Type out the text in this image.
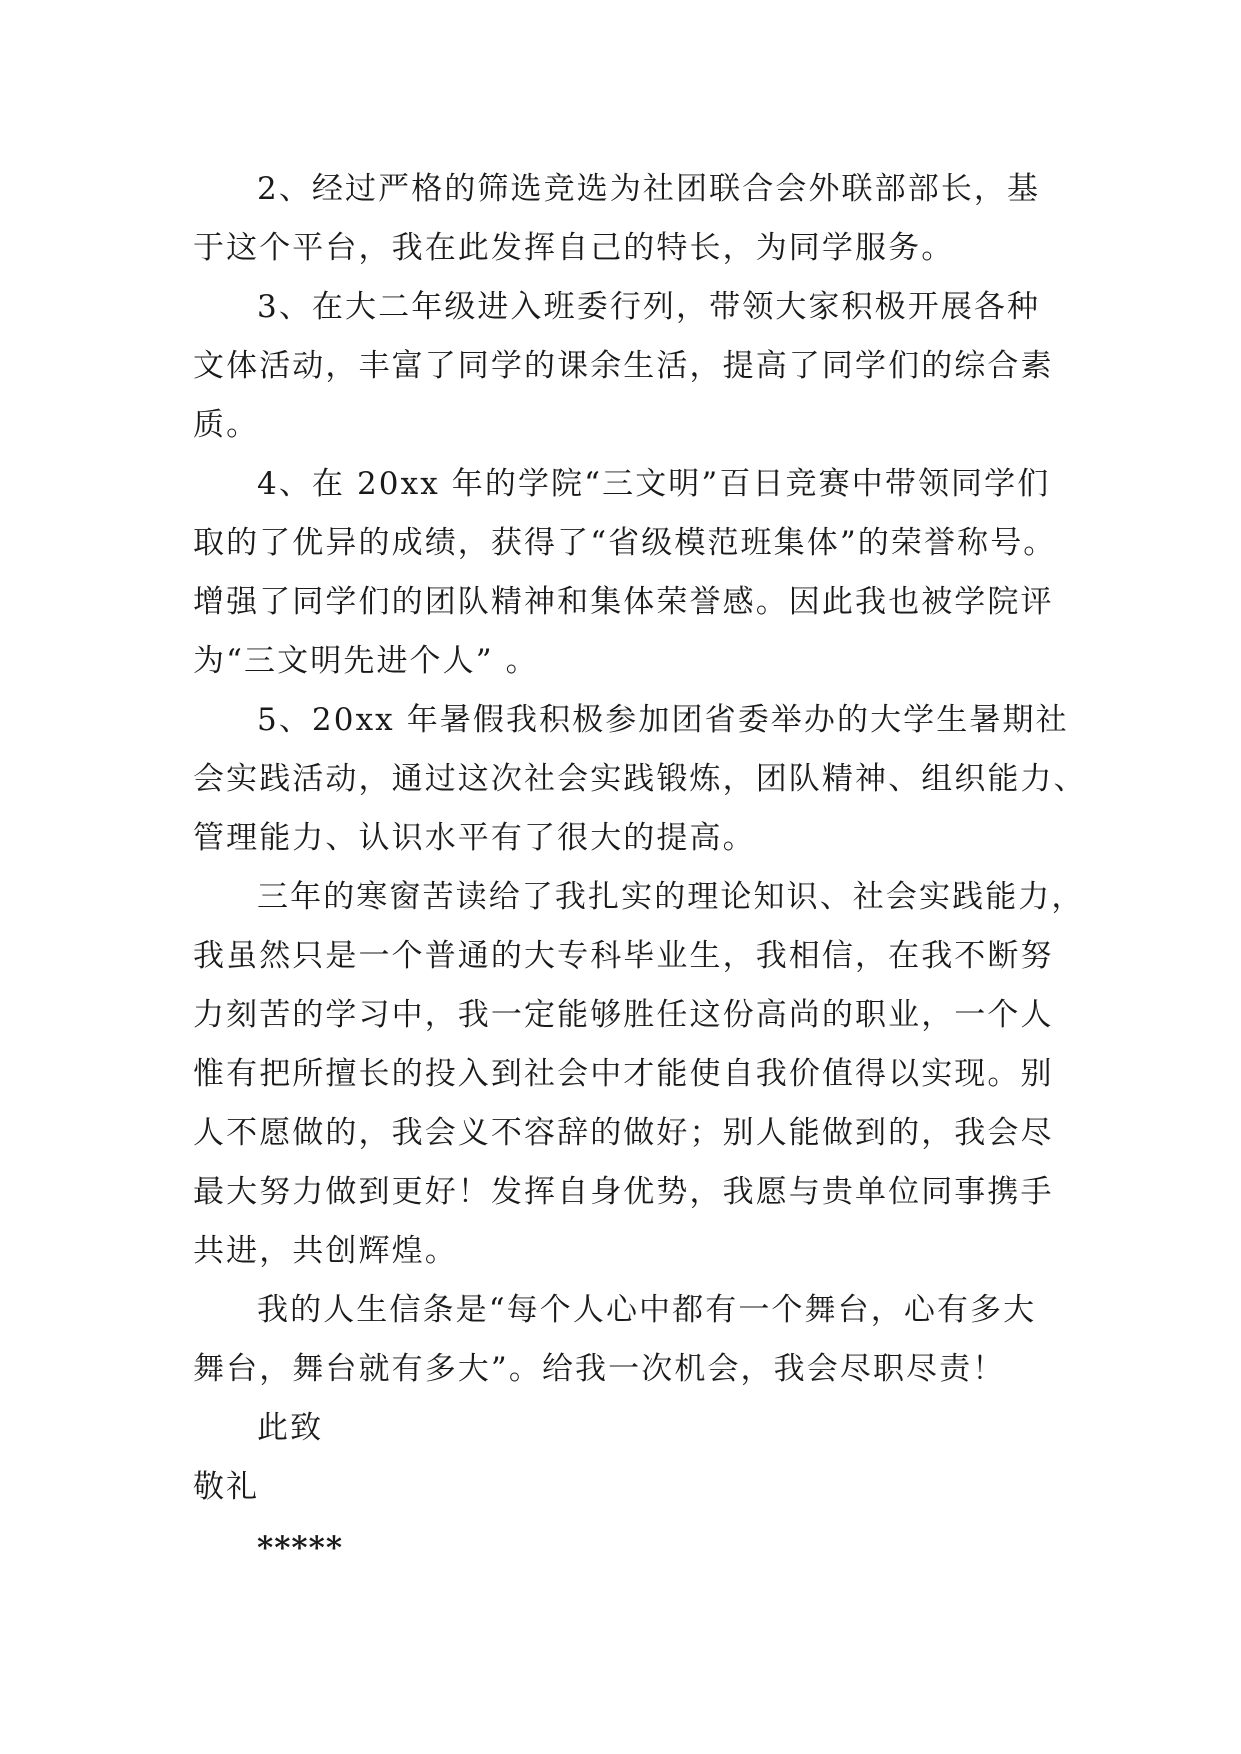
2、经过严格的筛选竞选为社团联合会外联部部长，基
于这个平台，我在此发挥自己的特长，为同学服务。

3、在大二年级进入班委行列，带领大家积极开展各种
文体活动，丰富了同学的课余生活，提高了同学们的综合素
质。

4、在 20xx 年的学院“三文明”百日竞赛中带领同学们
取的了优异的成绩，获得了“省级模范班集体”的荣誉称号。
增强了同学们的团队精神和集体荣誉感。因此我也被学院评
为“三文明先进个人” 。

5、20xx 年暑假我积极参加团省委举办的大学生暑期社
会实践活动，通过这次社会实践锻炼，团队精神、组织能力、
管理能力、认识水平有了很大的提高。

三年的寒窗苦读给了我扎实的理论知识、社会实践能力，
我虽然只是一个普通的大专科毕业生，我相信，在我不断努
力刻苦的学习中，我一定能够胜任这份高尚的职业，一个人
惟有把所擅长的投入到社会中才能使自我价值得以实现。别
人不愿做的，我会义不容辞的做好；别人能做到的，我会尽
最大努力做到更好！发挥自身优势，我愿与贵单位同事携手
共进，共创辉煌。

我的人生信条是“每个人心中都有一个舞台，心有多大
舞台，舞台就有多大”。给我一次机会，我会尽职尽责！

此致

敬礼

*****
